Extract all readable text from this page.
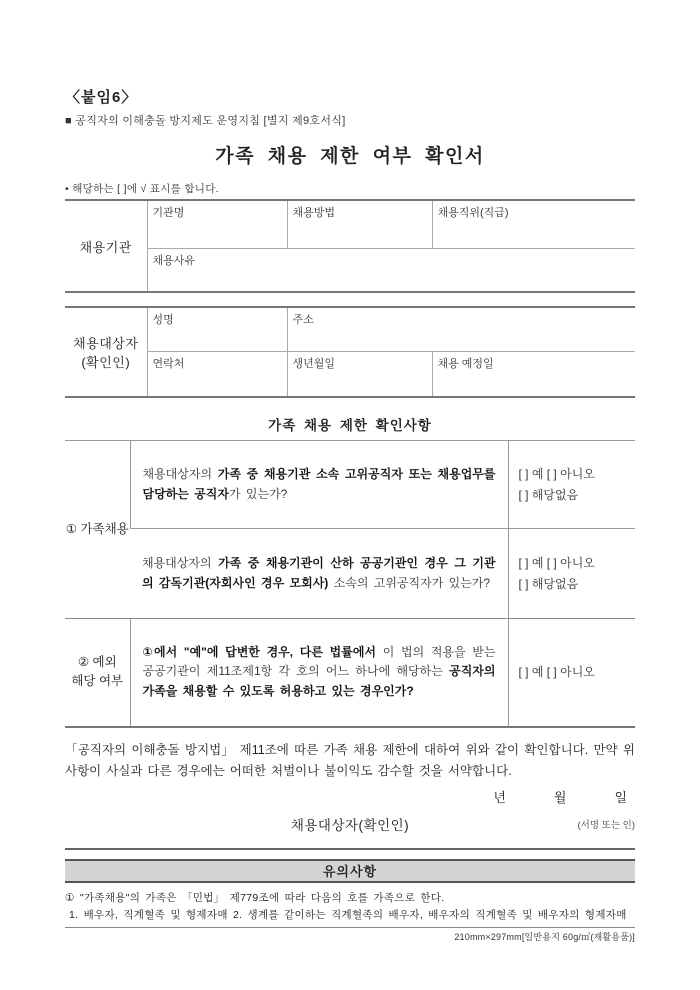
〈붙임6〉
■ 공직자의 이해충돌 방지제도 운영지침 [별지 제9호서식]
가족 채용 제한 여부 확인서
• 해당하는 [ ]에 √ 표시를 합니다.
채용기관	
기관명	채용방법	채용직위(직급)

채용사유
채용대상자
(확인인)	성명	주소	

	연락처	생년월일	채용 예정일
가족 채용 제한 확인사항
① 가족채용	채용대상자의 가족 중 채용기관 소속 고위공직자 또는 채용업무를 담당하는 공직자가 있는가?	[ ] 예 [ ] 아니오
[ ] 해당없음

	채용대상자의 가족 중 채용기관이 산하 공공기관인 경우 그 기관의 감독기관(자회사인 경우 모회사) 소속의 고위공직자가 있는가?	[ ] 예 [ ] 아니오
[ ] 해당없음

② 예외
해당 여부	①에서 "예"에 답변한 경우, 다른 법률에서 이 법의 적용을 받는 공공기관이 제11조제1항 각 호의 어느 하나에 해당하는 공직자의 가족을 채용할 수 있도록 허용하고 있는 경우인가?	[ ] 예 [ ] 아니오
「공직자의 이해충돌 방지법」 제11조에 따른 가족 채용 제한에 대하여 위와 같이 확인합니다. 만약 위 사항이 사실과 다른 경우에는 어떠한 처벌이나 불이익도 감수할 것을 서약합니다.
년	월	일
채용대상자(확인인)	(서명 또는 인)
유의사항
① "가족채용"의 가족은 「민법」 제779조에 따라 다음의 호를 가족으로 한다.
1. 배우자, 직계혈족 및 형제자매 2. 생계를 같이하는 직계혈족의 배우자, 배우자의 직계혈족 및 배우자의 형제자매
210mm×297mm[일반용지 60g/㎡(재활용품)]
